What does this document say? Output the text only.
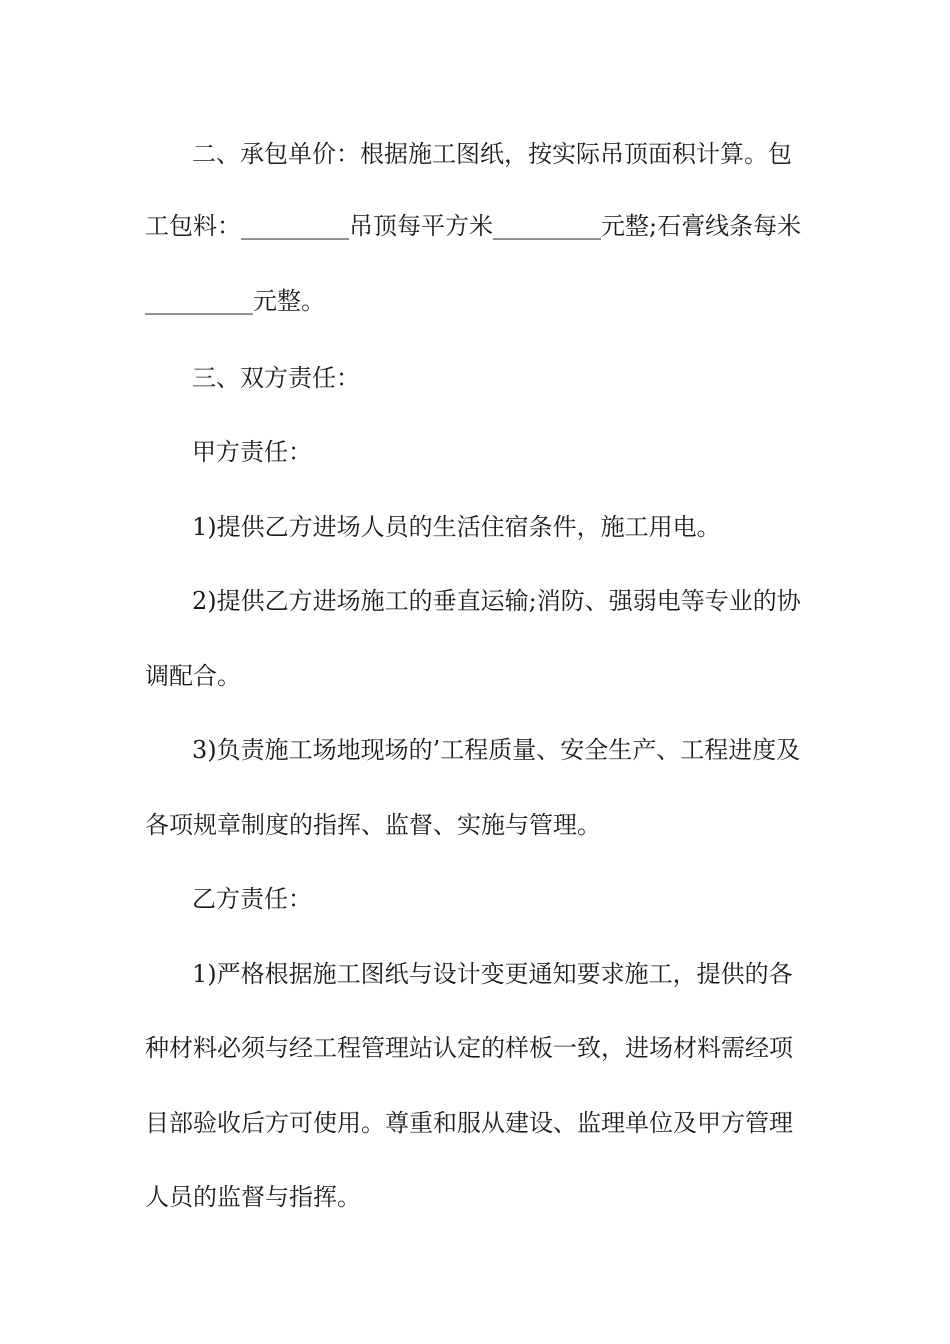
二、承包单价：根据施工图纸，按实际吊顶面积计算。包
工包料：_________吊顶每平方米_________元整;石膏线条每米
_________元整。
三、双方责任：
甲方责任：
1)提供乙方进场人员的生活住宿条件，施工用电。
2)提供乙方进场施工的垂直运输;消防、强弱电等专业的协
调配合。
3)负责施工场地现场的’工程质量、安全生产、工程进度及
各项规章制度的指挥、监督、实施与管理。
乙方责任：
1)严格根据施工图纸与设计变更通知要求施工，提供的各
种材料必须与经工程管理站认定的样板一致，进场材料需经项
目部验收后方可使用。尊重和服从建设、监理单位及甲方管理
人员的监督与指挥。
